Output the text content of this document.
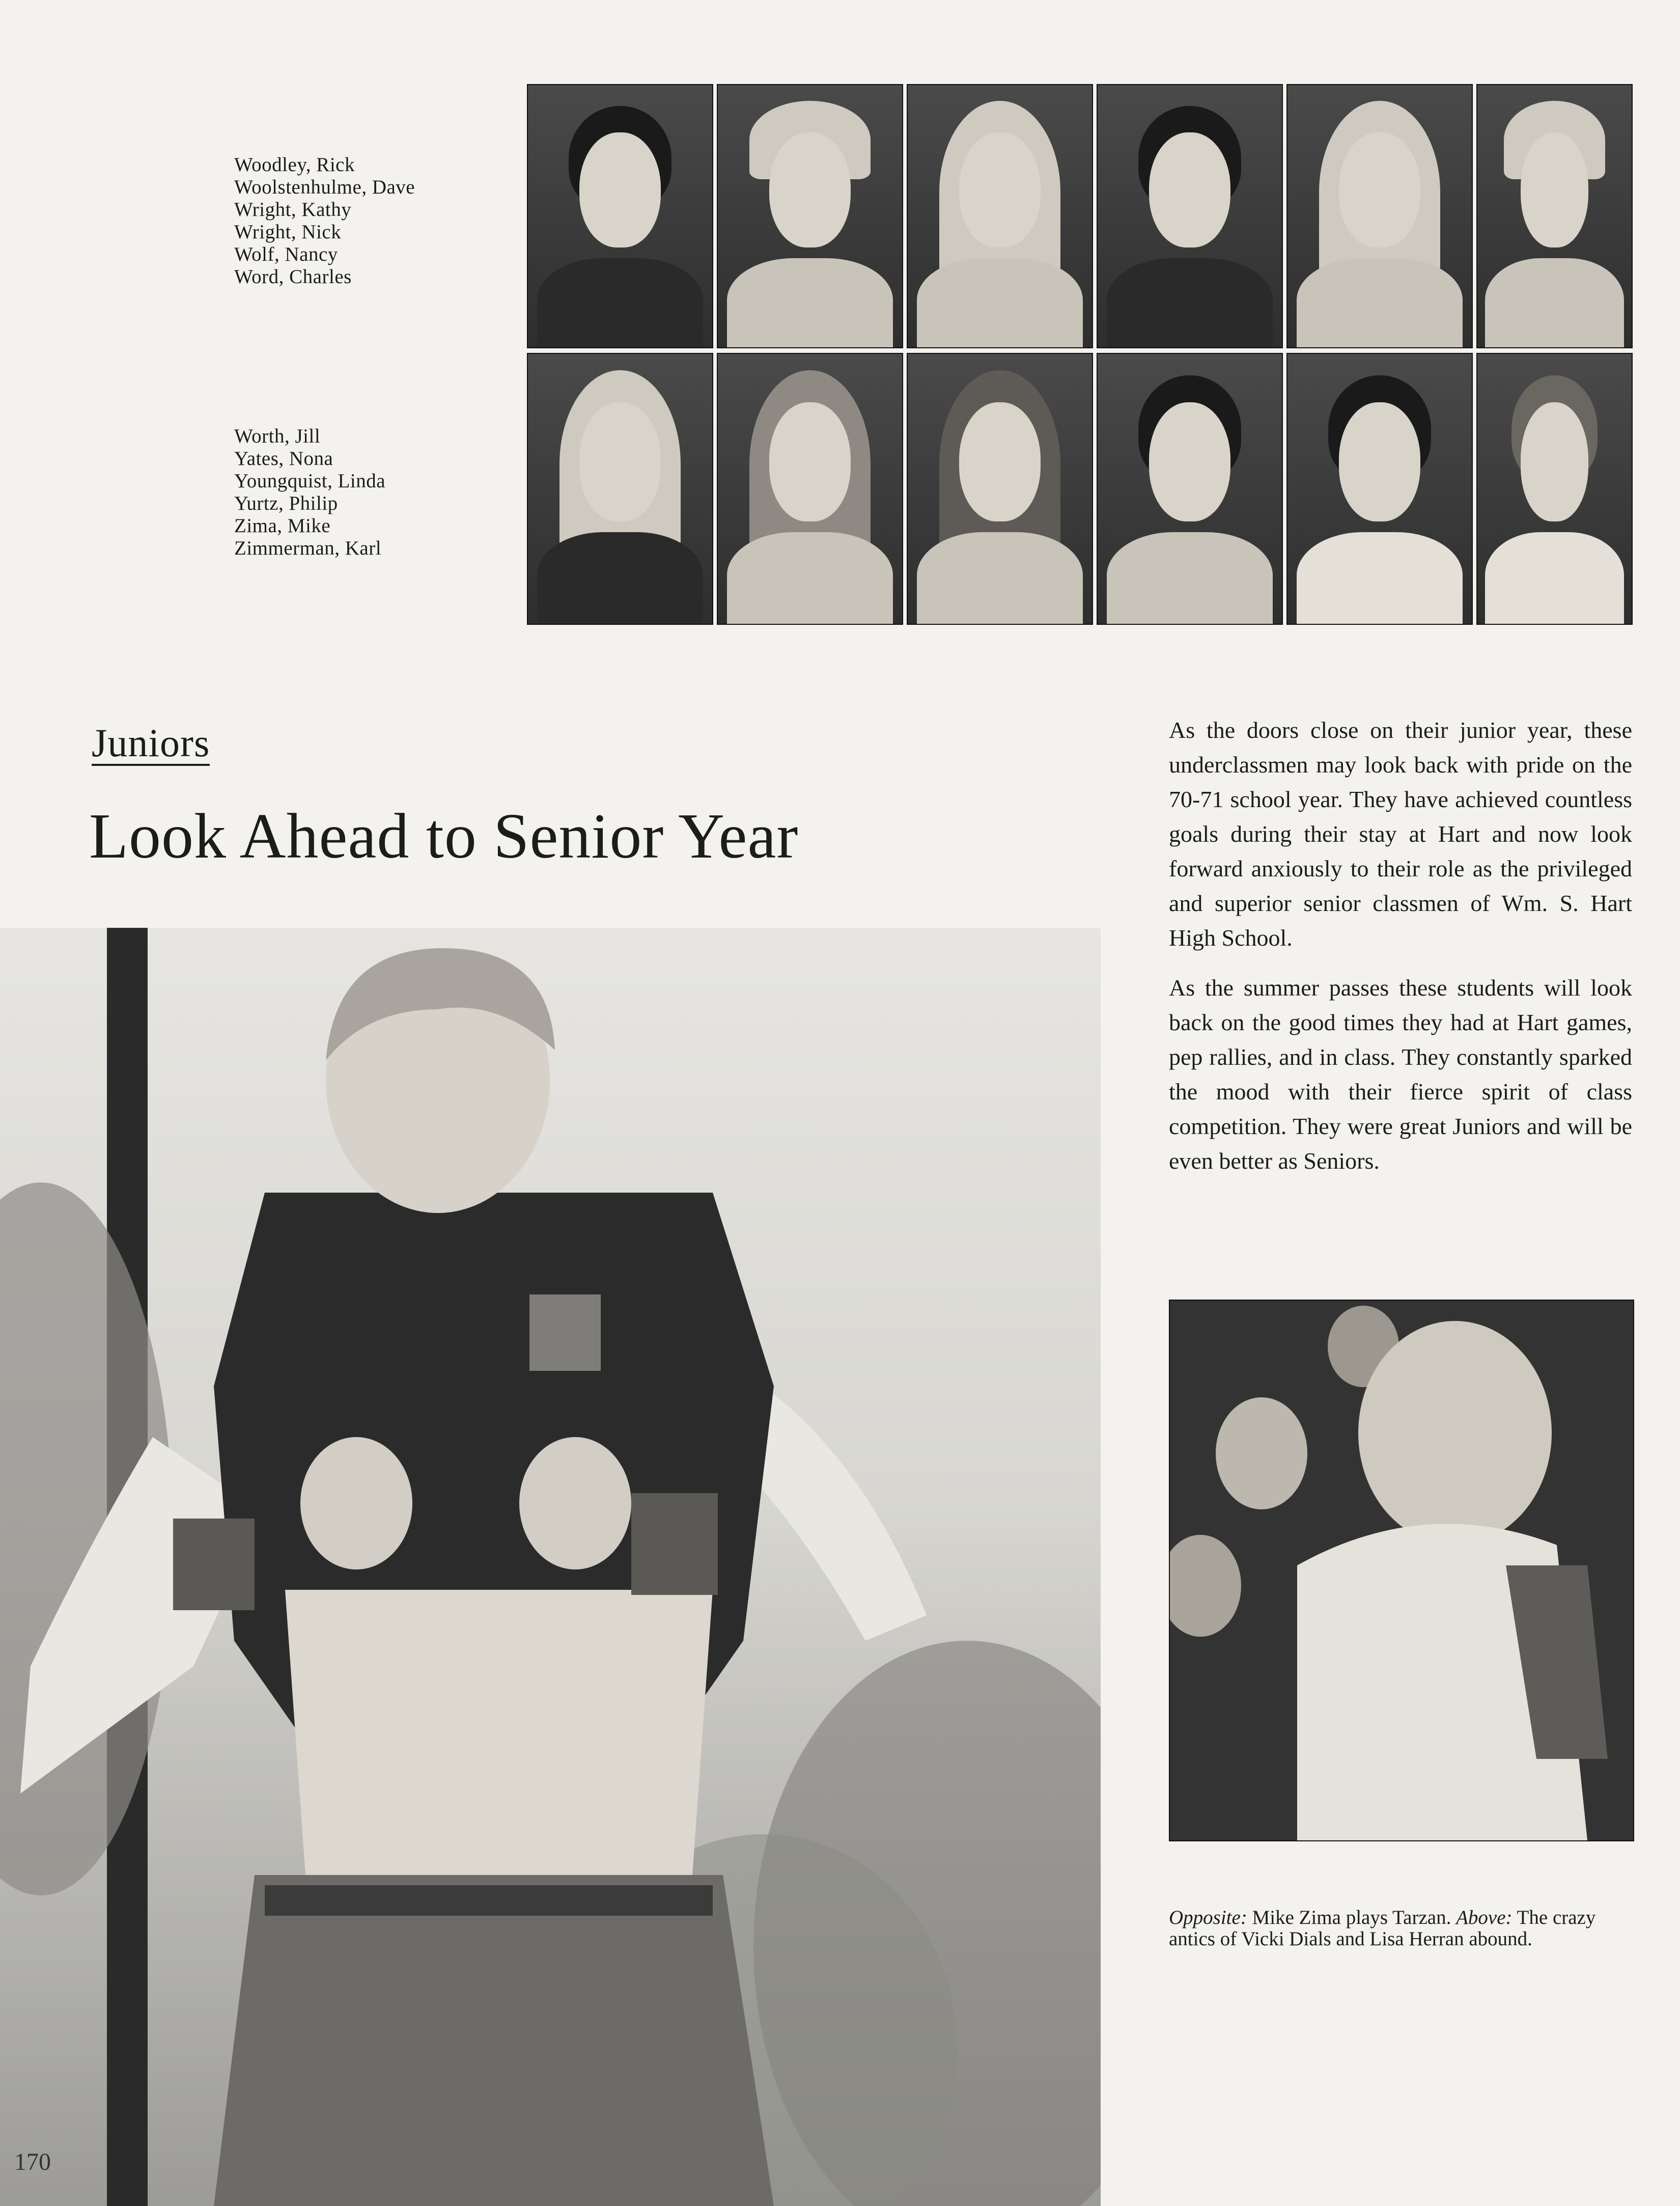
Woodley, Rick
Woolstenhulme, Dave
Wright, Kathy
Wright, Nick
Wolf, Nancy
Word, Charles
Worth, Jill
Yates, Nona
Youngquist, Linda
Yurtz, Philip
Zima, Mike
Zimmerman, Karl
Juniors
Look Ahead to Senior Year

As the doors close on their junior year, these underclassmen may look back with pride on the 70-71 school year. They have achieved countless goals during their stay at Hart and now look forward anxiously to their role as the privileged and superior senior classmen of Wm. S. Hart High School.

As the summer passes these students will look back on the good times they had at Hart games, pep rallies, and in class. They constantly sparked the mood with their fierce spirit of class competition. They were great Juniors and will be even better as Seniors.

Opposite: Mike Zima plays Tarzan. Above: The crazy antics of Vicki Dials and Lisa Herran abound.
170
